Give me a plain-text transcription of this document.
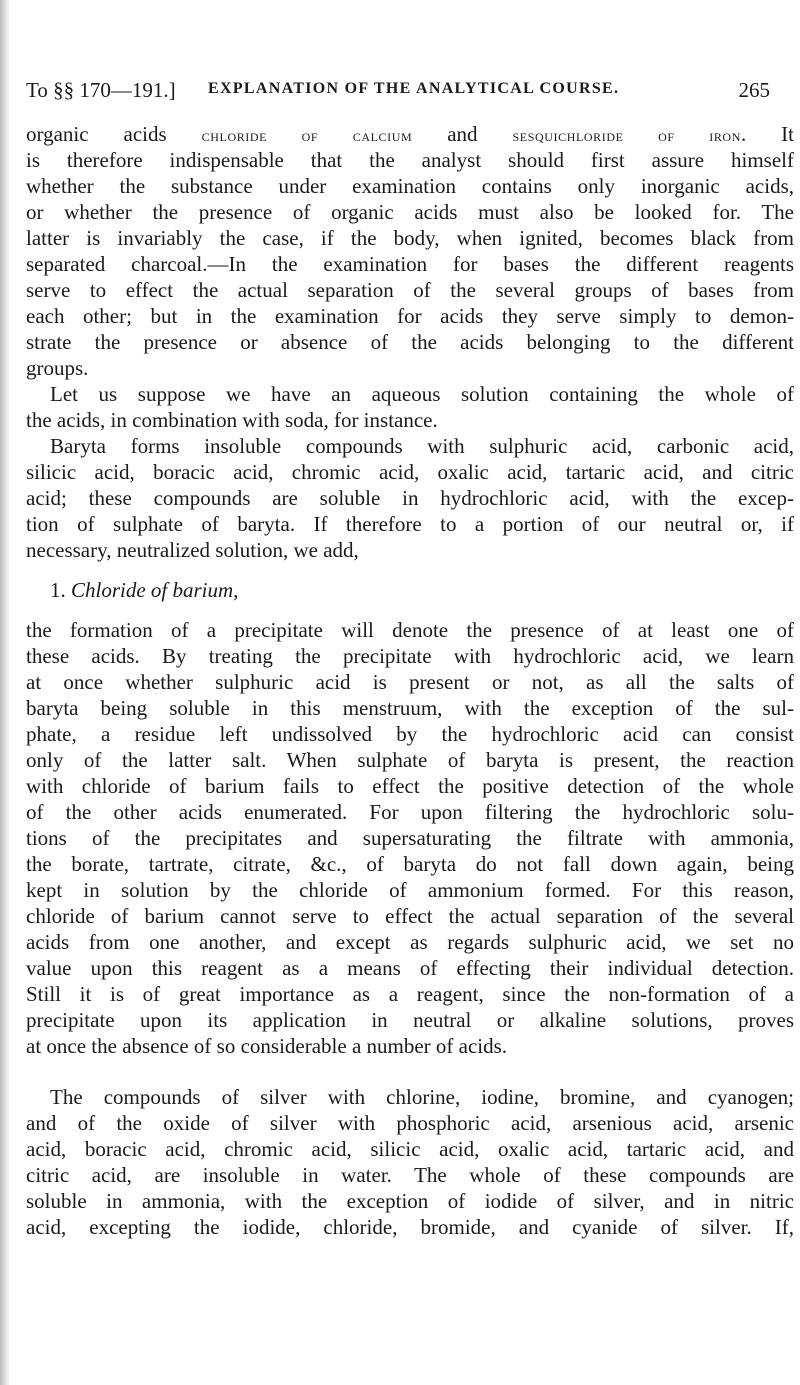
To §§ 170—191.] EXPLANATION OF THE ANALYTICAL COURSE.	265
organic acids chloride of calcium and sesquichloride of iron. It
is therefore indispensable that the analyst should first assure himself
whether the substance under examination contains only inorganic acids,
or whether the presence of organic acids must also be looked for. The
latter is invariably the case, if the body, when ignited, becomes black from
separated charcoal.—In the examination for bases the different reagents
serve to effect the actual separation of the several groups of bases from
each other; but in the examination for acids they serve simply to demon-
strate the presence or absence of the acids belonging to the different
groups.
Let us suppose we have an aqueous solution containing the whole of
the acids, in combination with soda, for instance.
Baryta forms insoluble compounds with sulphuric acid, carbonic acid,
silicic acid, boracic acid, chromic acid, oxalic acid, tartaric acid, and citric
acid; these compounds are soluble in hydrochloric acid, with the excep-
tion of sulphate of baryta. If therefore to a portion of our neutral or, if
necessary, neutralized solution, we add,
1. Chloride of barium,
the formation of a precipitate will denote the presence of at least one of
these acids. By treating the precipitate with hydrochloric acid, we learn
at once whether sulphuric acid is present or not, as all the salts of
baryta being soluble in this menstruum, with the exception of the sul-
phate, a residue left undissolved by the hydrochloric acid can consist
only of the latter salt. When sulphate of baryta is present, the reaction
with chloride of barium fails to effect the positive detection of the whole
of the other acids enumerated. For upon filtering the hydrochloric solu-
tions of the precipitates and supersaturating the filtrate with ammonia,
the borate, tartrate, citrate, &c., of baryta do not fall down again, being
kept in solution by the chloride of ammonium formed. For this reason,
chloride of barium cannot serve to effect the actual separation of the several
acids from one another, and except as regards sulphuric acid, we set no
value upon this reagent as a means of effecting their individual detection.
Still it is of great importance as a reagent, since the non-formation of a
precipitate upon its application in neutral or alkaline solutions, proves
at once the absence of so considerable a number of acids.
The compounds of silver with chlorine, iodine, bromine, and cyanogen;
and of the oxide of silver with phosphoric acid, arsenious acid, arsenic
acid, boracic acid, chromic acid, silicic acid, oxalic acid, tartaric acid, and
citric acid, are insoluble in water. The whole of these compounds are
soluble in ammonia, with the exception of iodide of silver, and in nitric
acid, excepting the iodide, chloride, bromide, and cyanide of silver. If,
